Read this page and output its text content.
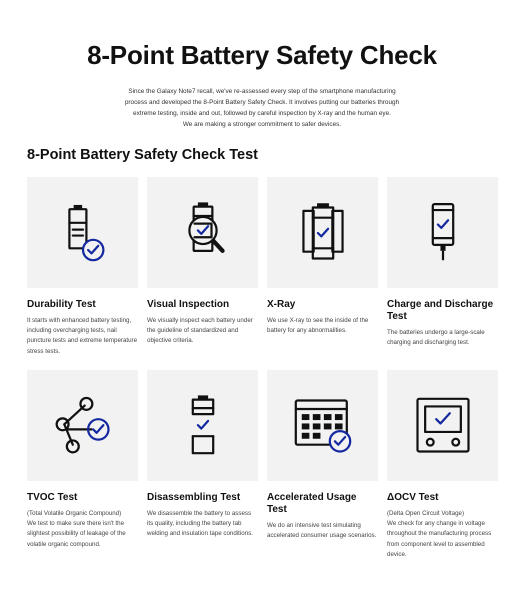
8-Point Battery Safety Check

Since the Galaxy Note7 recall, we've re-assessed every step of the smartphone manufacturing

process and developed the 8-Point Battery Safety Check. It involves putting our batteries through

extreme testing, inside and out, followed by careful inspection by X-ray and the human eye.

We are making a stronger commitment to safer devices.

8-Point Battery Safety Check Test
Durability Test
It starts with enhanced battery testing, including overcharging tests, nail puncture tests and extreme temperature stress tests.
Visual Inspection
We visually inspect each battery under the guideline of standardized and objective criteria.
X-Ray
We use X-ray to see the inside of the battery for any abnormalities.
Charge and Discharge Test
The batteries undergo a large-scale charging and discharging test.
TVOC Test
(Total Volatile Organic Compound)
We test to make sure there isn't the slightest possibility of leakage of the volatile organic compound.
Disassembling Test
We disassemble the battery to assess its quality, including the battery tab welding and insulation tape conditions.
Accelerated Usage Test
We do an intensive test simulating accelerated consumer usage scenarios.
ΔOCV Test
(Delta Open Circuit Voltage)
We check for any change in voltage throughout the manufacturing process from component level to assembled device.
